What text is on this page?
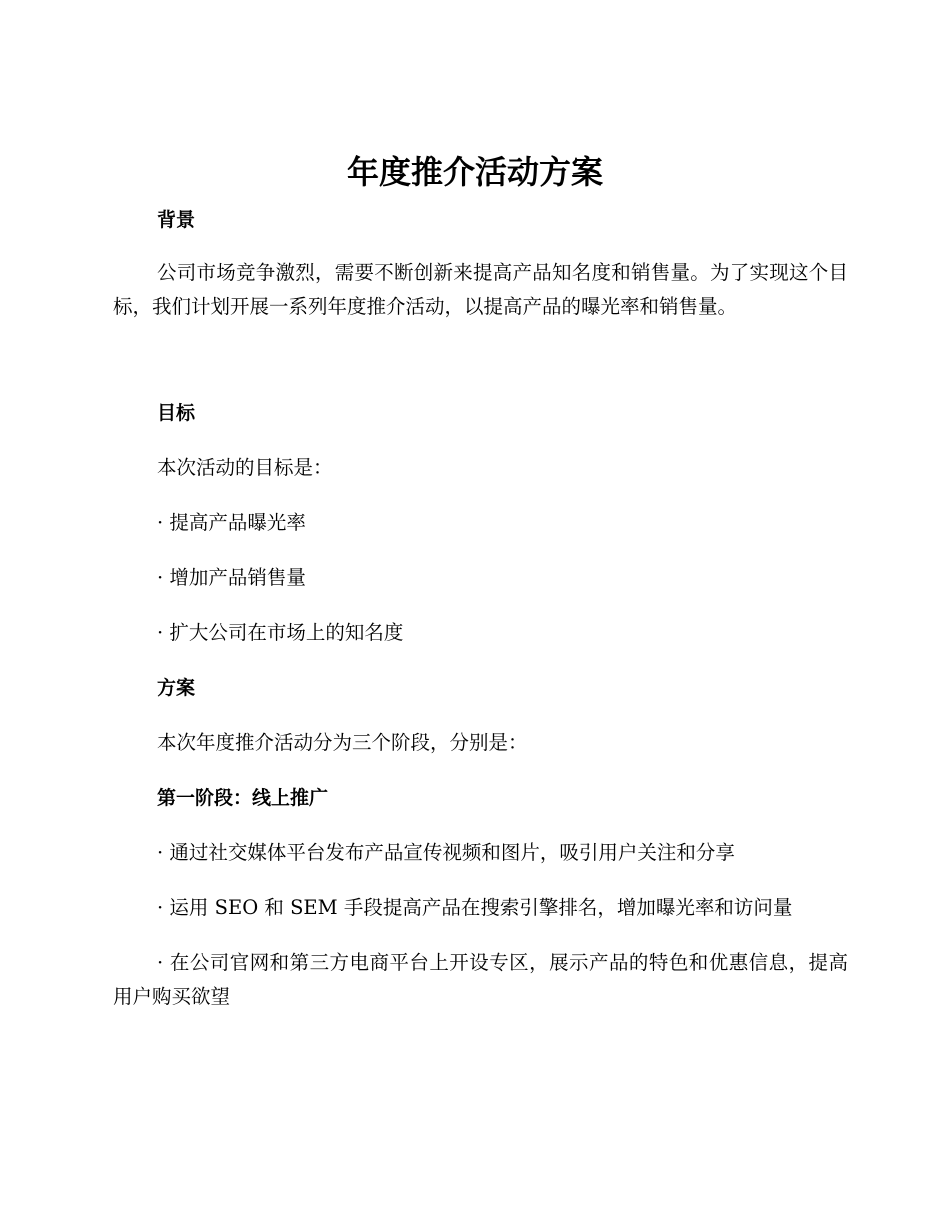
年度推介活动方案
背景

公司市场竞争激烈，需要不断创新来提高产品知名度和销售量。为了实现这个目标，我们计划开展一系列年度推介活动，以提高产品的曝光率和销售量。

目标

本次活动的目标是：

· 提高产品曝光率

· 增加产品销售量

· 扩大公司在市场上的知名度

方案

本次年度推介活动分为三个阶段，分别是：

第一阶段：线上推广

· 通过社交媒体平台发布产品宣传视频和图片，吸引用户关注和分享

· 运用 SEO 和 SEM 手段提高产品在搜索引擎排名，增加曝光率和访问量

· 在公司官网和第三方电商平台上开设专区，展示产品的特色和优惠信息，提高用户购买欲望
